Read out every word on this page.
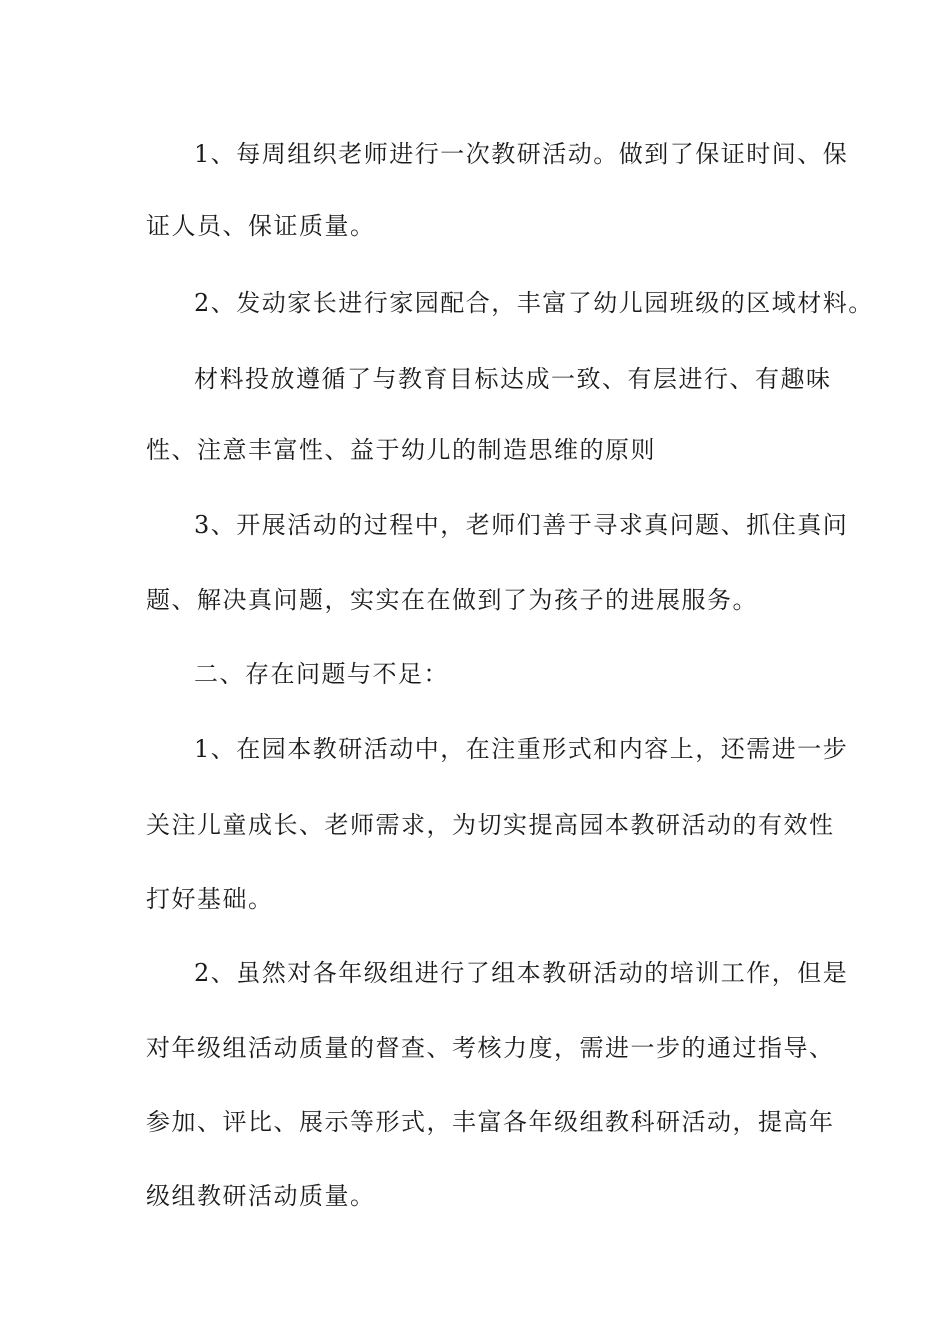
1、每周组织老师进行一次教研活动。做到了保证时间、保
证人员、保证质量。
2、发动家长进行家园配合，丰富了幼儿园班级的区域材料。
材料投放遵循了与教育目标达成一致、有层进行、有趣味
性、注意丰富性、益于幼儿的制造思维的原则
3、开展活动的过程中，老师们善于寻求真问题、抓住真问
题、解决真问题，实实在在做到了为孩子的进展服务。
二、存在问题与不足：
1、在园本教研活动中，在注重形式和内容上，还需进一步
关注儿童成长、老师需求，为切实提高园本教研活动的有效性
打好基础。
2、虽然对各年级组进行了组本教研活动的培训工作，但是
对年级组活动质量的督查、考核力度，需进一步的通过指导、
参加、评比、展示等形式，丰富各年级组教科研活动，提高年
级组教研活动质量。
